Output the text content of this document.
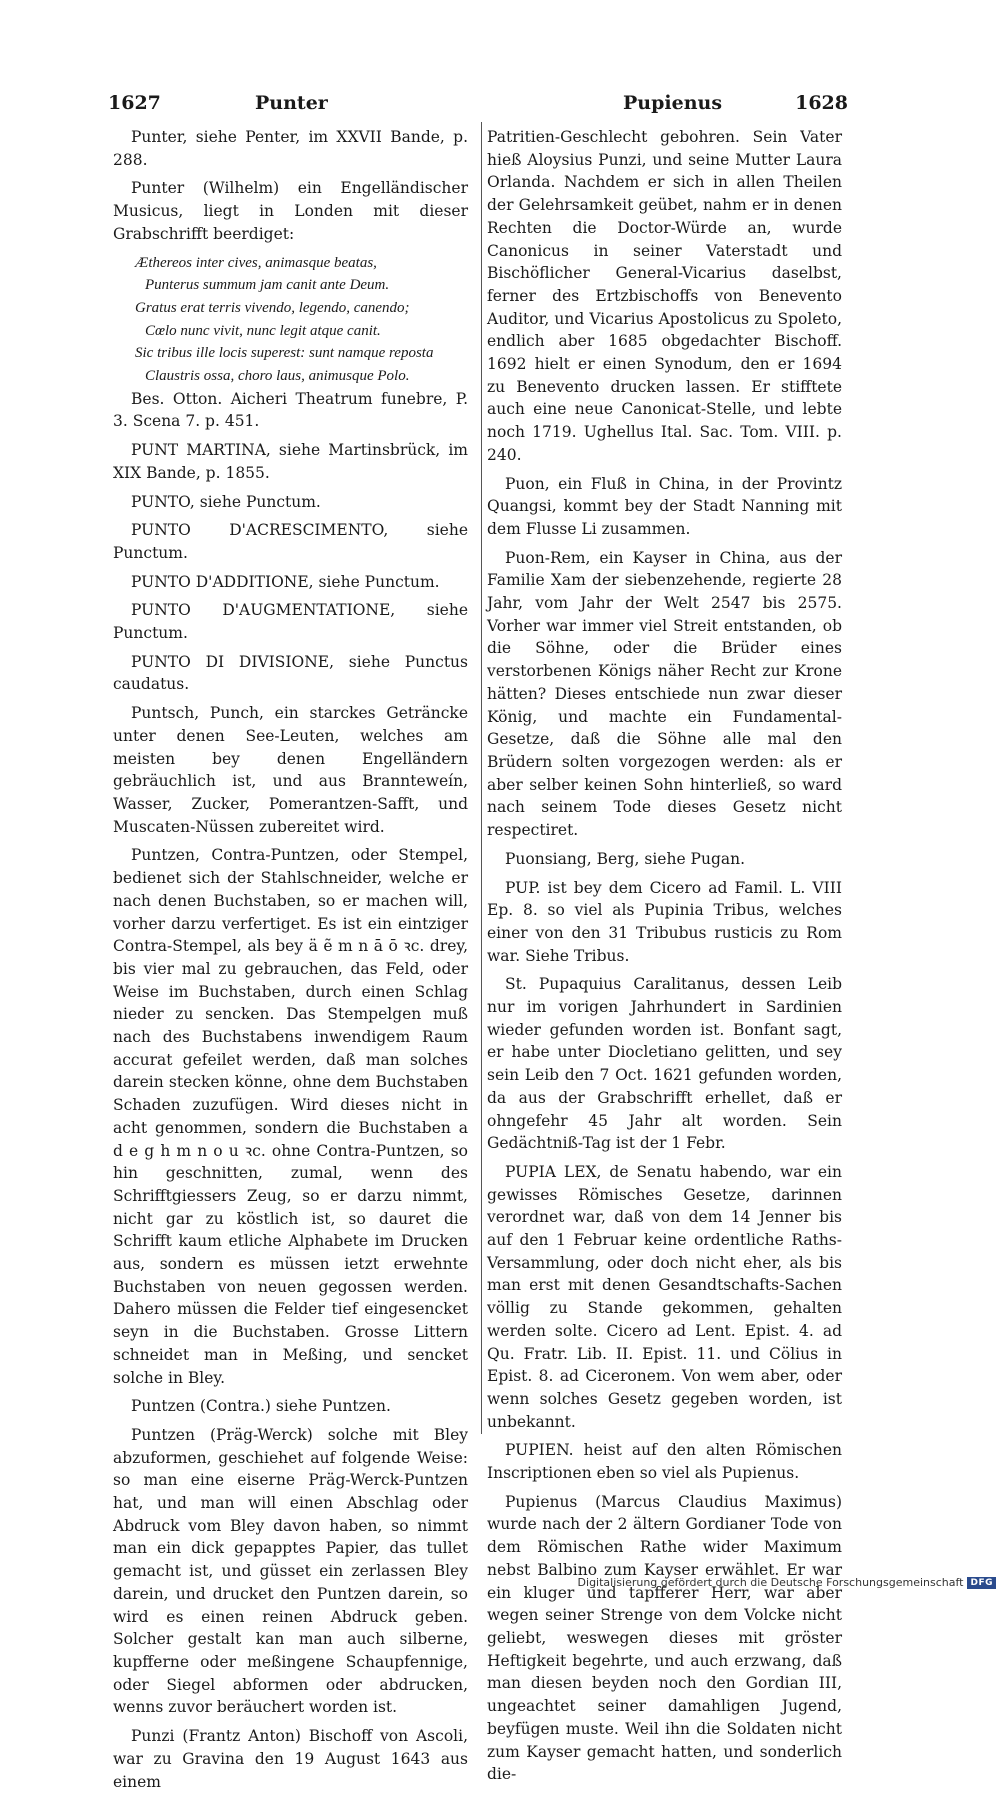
1627	Punter	Pupienus	1628

Punter, siehe Penter, im XXVII Bande, p. 288.

Punter (Wilhelm) ein Engelländischer Musicus, liegt in Londen mit dieser Grabschrifft beerdiget:

Æthereos inter cives, animasque beatas,
Punterus summum jam canit ante Deum.
Gratus erat terris vivendo, legendo, canendo;
Cœlo nunc vivit, nunc legit atque canit.
Sic tribus ille locis superest: sunt namque reposta
Claustris ossa, choro laus, animusque Polo.

Bes. Otton. Aicheri Theatrum funebre, P. 3. Scena 7. p. 451.

PUNT MARTINA, siehe Martinsbrück, im XIX Bande, p. 1855.

PUNTO, siehe Punctum.

PUNTO D'ACRESCIMENTO, siehe Punctum.

PUNTO D'ADDITIONE, siehe Punctum.

PUNTO D'AUGMENTATIONE, siehe Punctum.

PUNTO DI DIVISIONE, siehe Punctus caudatus.

Puntsch, Punch, ein starckes Geträncke unter denen See-Leuten, welches am meisten bey denen Engelländern gebräuchlich ist, und aus Brannteweín, Wasser, Zucker, Pomerantzen-Safft, und Muscaten-Nüssen zubereitet wird.

Puntzen, Contra-Puntzen, oder Stempel, bedienet sich der Stahlschneider, welche er nach denen Buchstaben, so er machen will, vorher darzu verfertiget. Es ist ein eintziger Contra-Stempel, als bey ä ẽ m n ā ō ꝛc. drey, bis vier mal zu gebrauchen, das Feld, oder Weise im Buchstaben, durch einen Schlag nieder zu sencken. Das Stempelgen muß nach des Buchstabens inwendigem Raum accurat gefeilet werden, daß man solches darein stecken könne, ohne dem Buchstaben Schaden zuzufügen. Wird dieses nicht in acht genommen, sondern die Buchstaben a d e g h m n o u ꝛc. ohne Contra-Puntzen, so hin geschnitten, zumal, wenn des Schrifftgiessers Zeug, so er darzu nimmt, nicht gar zu köstlich ist, so dauret die Schrifft kaum etliche Alphabete im Drucken aus, sondern es müssen ietzt erwehnte Buchstaben von neuen gegossen werden. Dahero müssen die Felder tief eingesencket seyn in die Buchstaben. Grosse Littern schneidet man in Meßing, und sencket solche in Bley.

Puntzen (Contra.) siehe Puntzen.

Puntzen (Präg-Werck) solche mit Bley abzuformen, geschiehet auf folgende Weise: so man eine eiserne Präg-Werck-Puntzen hat, und man will einen Abschlag oder Abdruck vom Bley davon haben, so nimmt man ein dick gepapptes Papier, das tullet gemacht ist, und güsset ein zerlassen Bley darein, und drucket den Puntzen darein, so wird es einen reinen Abdruck geben. Solcher gestalt kan man auch silberne, kupfferne oder meßingene Schaupfennige, oder Siegel abformen oder abdrucken, wenns zuvor beräuchert worden ist.

Punzi (Frantz Anton) Bischoff von Ascoli, war zu Gravina den 19 August 1643 aus einem

Patritien-Geschlecht gebohren. Sein Vater hieß Aloysius Punzi, und seine Mutter Laura Orlanda. Nachdem er sich in allen Theilen der Gelehrsamkeit geübet, nahm er in denen Rechten die Doctor-Würde an, wurde Canonicus in seiner Vaterstadt und Bischöflicher General-Vicarius daselbst, ferner des Ertzbischoffs von Benevento Auditor, und Vicarius Apostolicus zu Spoleto, endlich aber 1685 obgedachter Bischoff. 1692 hielt er einen Synodum, den er 1694 zu Benevento drucken lassen. Er stifftete auch eine neue Canonicat-Stelle, und lebte noch 1719. Ughellus Ital. Sac. Tom. VIII. p. 240.

Puon, ein Fluß in China, in der Provintz Quangsi, kommt bey der Stadt Nanning mit dem Flusse Li zusammen.

Puon-Rem, ein Kayser in China, aus der Familie Xam der siebenzehende, regierte 28 Jahr, vom Jahr der Welt 2547 bis 2575. Vorher war immer viel Streit entstanden, ob die Söhne, oder die Brüder eines verstorbenen Königs näher Recht zur Krone hätten? Dieses entschiede nun zwar dieser König, und machte ein Fundamental-Gesetze, daß die Söhne alle mal den Brüdern solten vorgezogen werden: als er aber selber keinen Sohn hinterließ, so ward nach seinem Tode dieses Gesetz nicht respectiret.

Puonsiang, Berg, siehe Pugan.

PUP. ist bey dem Cicero ad Famil. L. VIII Ep. 8. so viel als Pupinia Tribus, welches einer von den 31 Tribubus rusticis zu Rom war. Siehe Tribus.

St. Pupaquius Caralitanus, dessen Leib nur im vorigen Jahrhundert in Sardinien wieder gefunden worden ist. Bonfant sagt, er habe unter Diocletiano gelitten, und sey sein Leib den 7 Oct. 1621 gefunden worden, da aus der Grabschrifft erhellet, daß er ohngefehr 45 Jahr alt worden. Sein Gedächtniß-Tag ist der 1 Febr.

PUPIA LEX, de Senatu habendo, war ein gewisses Römisches Gesetze, darinnen verordnet war, daß von dem 14 Jenner bis auf den 1 Februar keine ordentliche Raths-Versammlung, oder doch nicht eher, als bis man erst mit denen Gesandtschafts-Sachen völlig zu Stande gekommen, gehalten werden solte. Cicero ad Lent. Epist. 4. ad Qu. Fratr. Lib. II. Epist. 11. und Cölius in Epist. 8. ad Ciceronem. Von wem aber, oder wenn solches Gesetz gegeben worden, ist unbekannt.

PUPIEN. heist auf den alten Römischen Inscriptionen eben so viel als Pupienus.

Pupienus (Marcus Claudius Maximus) wurde nach der 2 ältern Gordianer Tode von dem Römischen Rathe wider Maximum nebst Balbino zum Kayser erwählet. Er war ein kluger und tapfferer Herr, war aber wegen seiner Strenge von dem Volcke nicht geliebt, weswegen dieses mit gröster Heftigkeit begehrte, und auch erzwang, daß man diesen beyden noch den Gordian III, ungeachtet seiner damahligen Jugend, beyfügen muste. Weil ihn die Soldaten nicht zum Kayser gemacht hatten, und sonderlich die-

Digitalisierung gefördert durch die Deutsche Forschungsgemeinschaft DFG
